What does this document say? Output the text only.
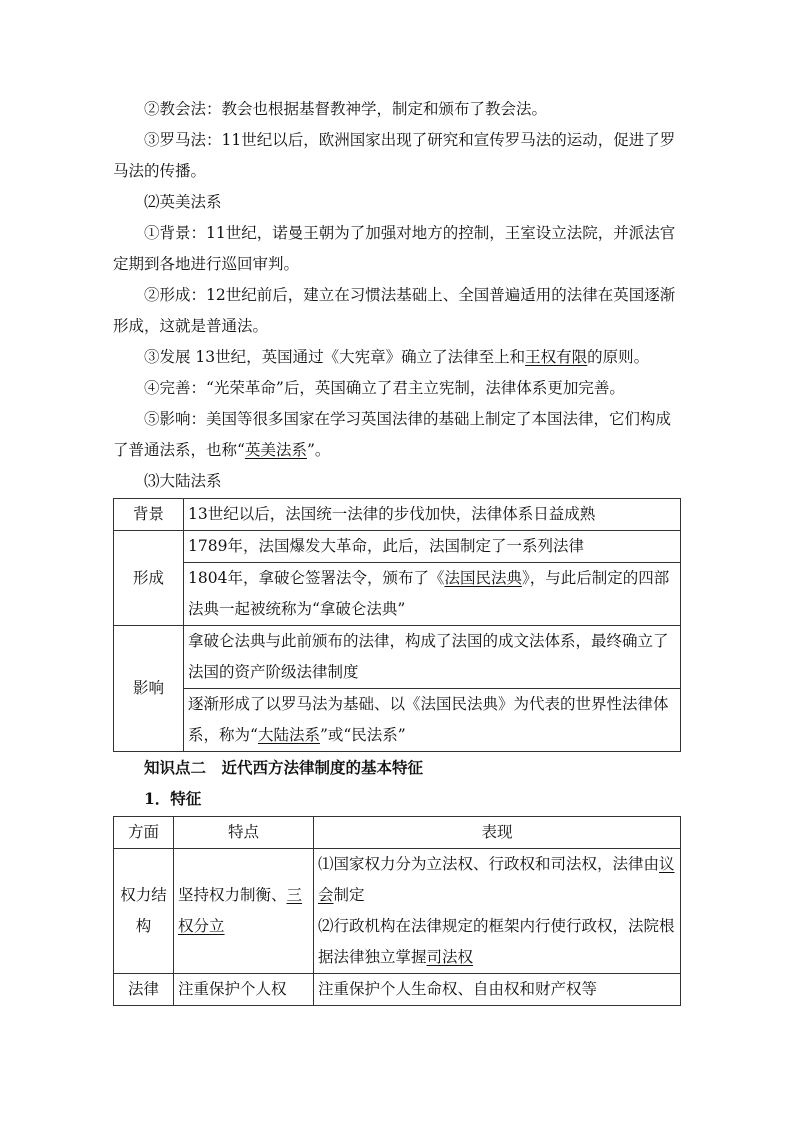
②教会法：教会也根据基督教神学，制定和颁布了教会法。

③罗马法：11世纪以后，欧洲国家出现了研究和宣传罗马法的运动，促进了罗马法的传播。

⑵英美法系

①背景：11世纪，诺曼王朝为了加强对地方的控制，王室设立法院，并派法官定期到各地进行巡回审判。

②形成：12世纪前后，建立在习惯法基础上、全国普遍适用的法律在英国逐渐形成，这就是普通法。

③发展 13世纪，英国通过《大宪章》确立了法律至上和王权有限的原则。

④完善：“光荣革命”后，英国确立了君主立宪制，法律体系更加完善。

⑤影响：美国等很多国家在学习英国法律的基础上制定了本国法律，它们构成了普通法系，也称“英美法系”。

⑶大陆法系

背景	13世纪以后，法国统一法律的步伐加快，法律体系日益成熟
形成	1789年，法国爆发大革命，此后，法国制定了一系列法律
	1804年，拿破仑签署法令，颁布了《法国民法典》，与此后制定的四部法典一起被统称为“拿破仑法典”
影响	拿破仑法典与此前颁布的法律，构成了法国的成文法体系，最终确立了法国的资产阶级法律制度
	逐渐形成了以罗马法为基础、以《法国民法典》为代表的世界性法律体系，称为“大陆法系”或“民法系”

知识点二　近代西方法律制度的基本特征

1．特征

方面	特点	表现
权力结构	坚持权力制衡、三权分立	⑴国家权力分为立法权、行政权和司法权，法律由议会制定
⑵行政机构在法律规定的框架内行使行政权，法院根据法律独立掌握司法权

法律	注重保护个人权	注重保护个人生命权、自由权和财产权等
